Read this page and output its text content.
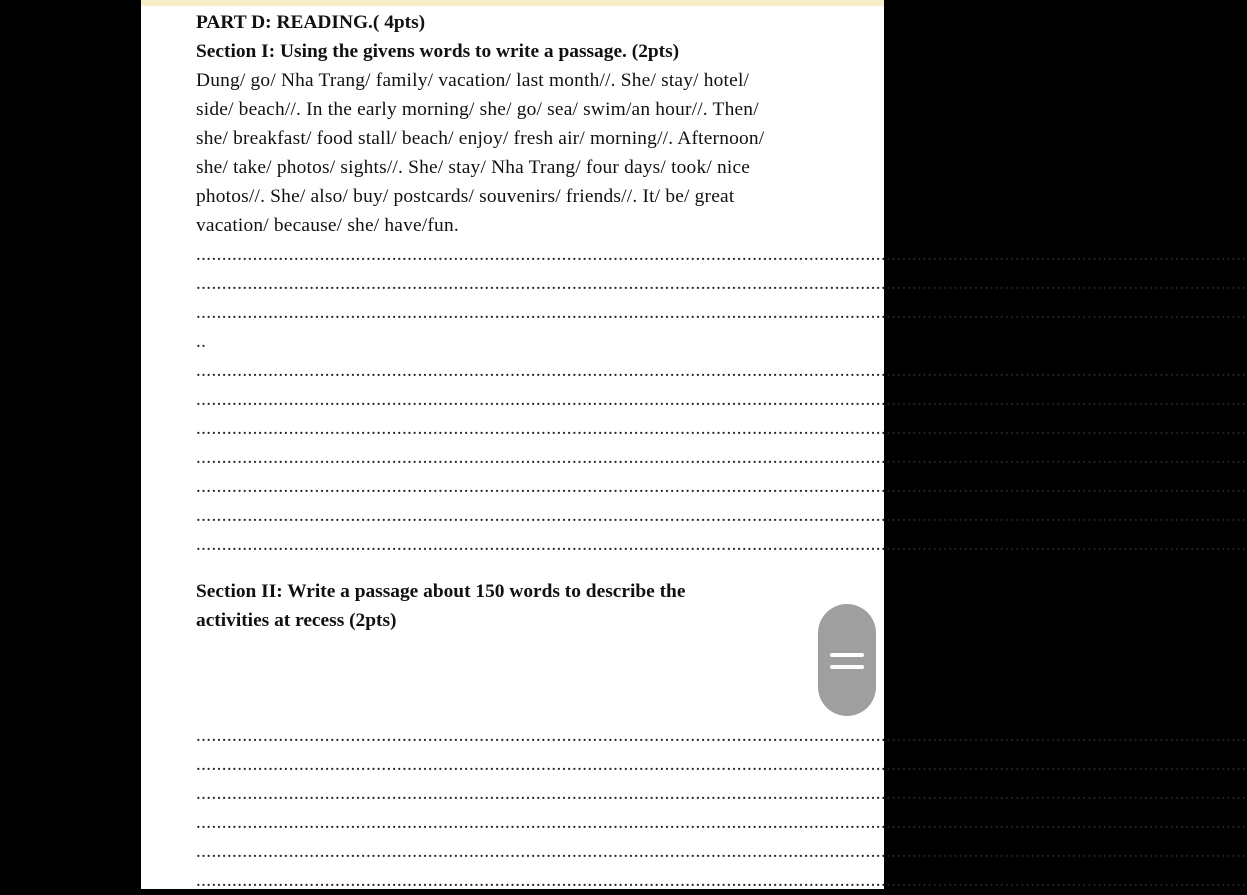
PART D: READING.( 4pts)

Section I: Using the givens words to write a passage. (2pts)

Dung/ go/ Nha Trang/ family/ vacation/ last month//. She/ stay/ hotel/

side/ beach//. In the early morning/ she/ go/ sea/ swim/an hour//. Then/

she/ breakfast/ food stall/ beach/ enjoy/ fresh air/ morning//. Afternoon/

she/ take/ photos/ sights//. She/ stay/ Nha Trang/ four days/ took/ nice

photos//. She/ also/ buy/ postcards/ souvenirs/ friends//. It/ be/ great

vacation/ because/ she/ have/fun.

............................................................................................................................................................................................................
............................................................................................................................................................................................................
............................................................................................................................................................................................................
..
............................................................................................................................................................................................................
............................................................................................................................................................................................................
............................................................................................................................................................................................................
............................................................................................................................................................................................................
............................................................................................................................................................................................................
............................................................................................................................................................................................................
............................................................................................................................................................................................................

Section II: Write a passage about 150 words to describe the

activities at recess (2pts)

............................................................................................................................................................................................................
............................................................................................................................................................................................................
............................................................................................................................................................................................................
............................................................................................................................................................................................................
............................................................................................................................................................................................................
............................................................................................................................................................................................................
